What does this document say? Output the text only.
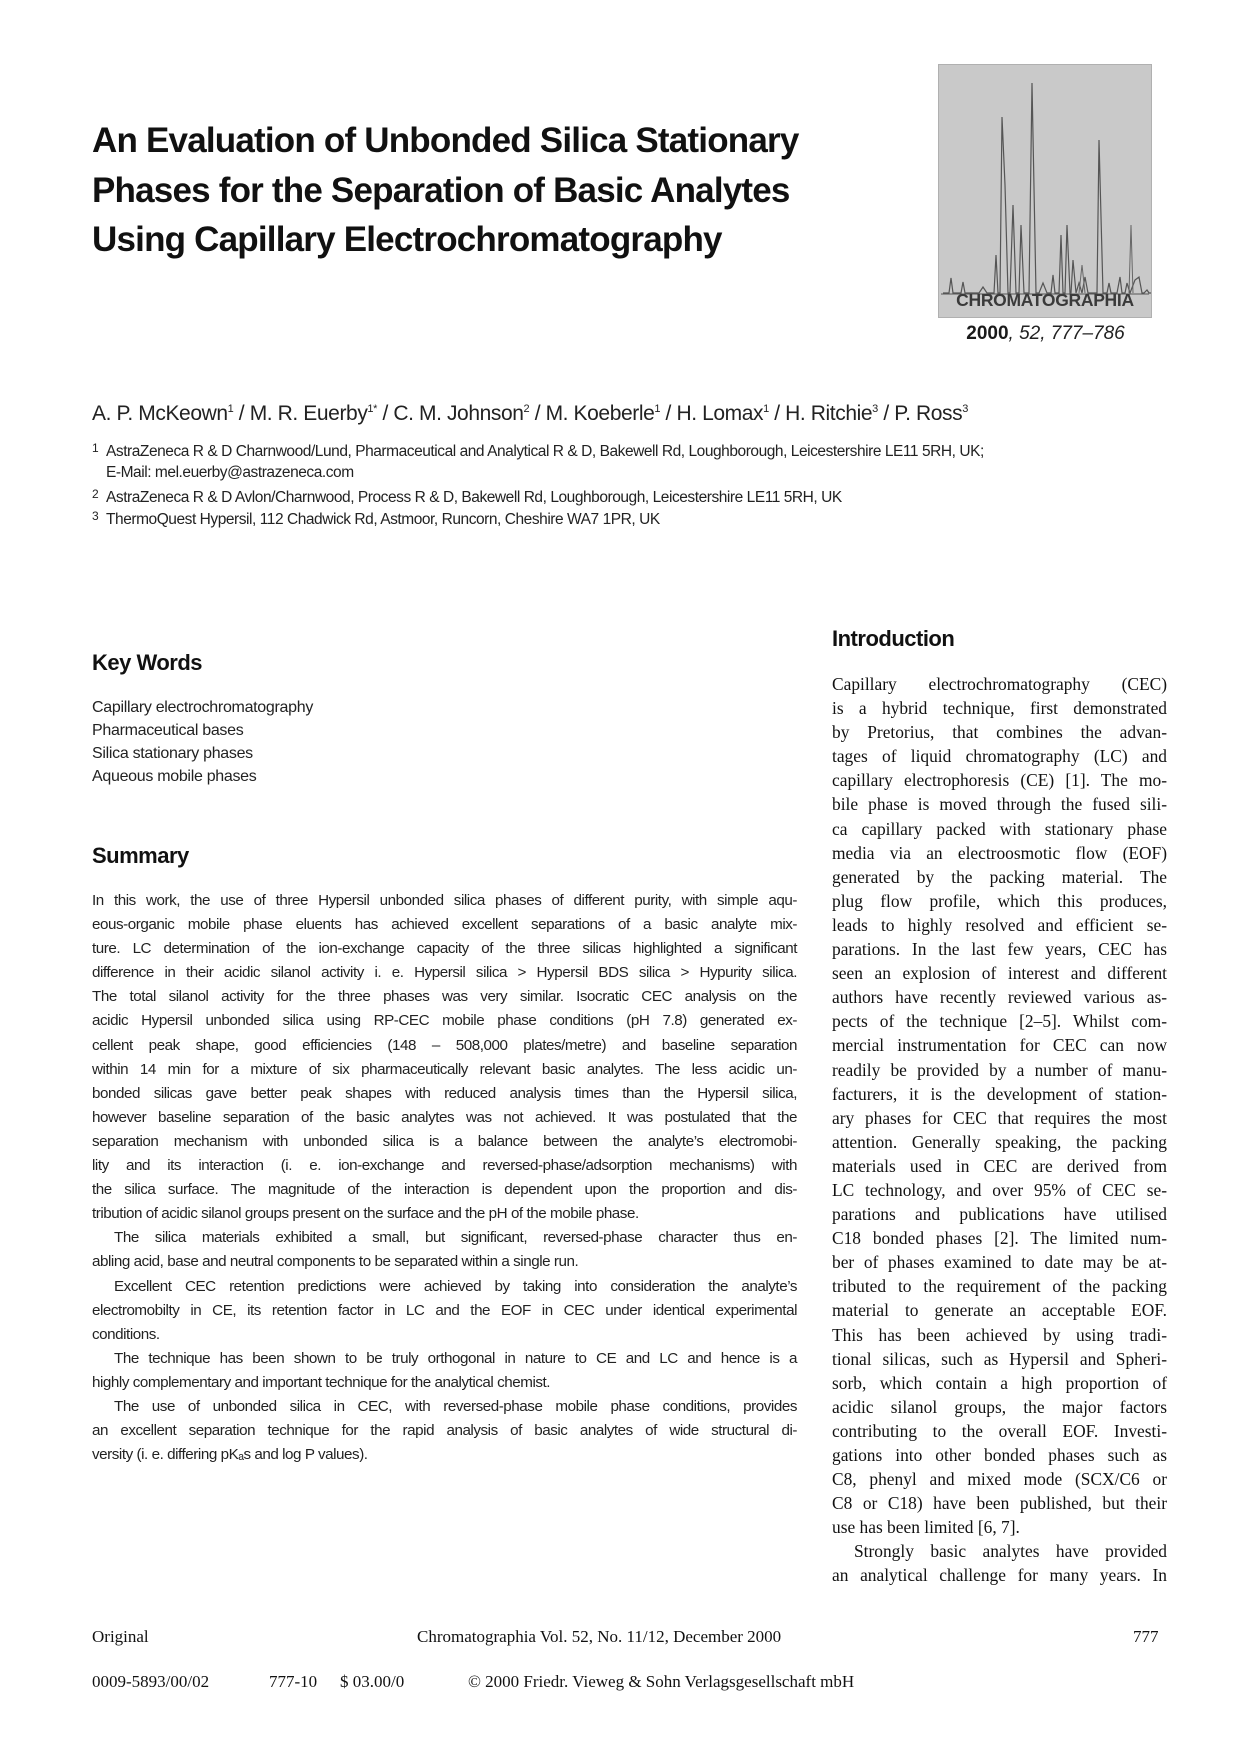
An Evaluation of Unbonded Silica Stationary
Phases for the Separation of Basic Analytes
Using Capillary Electrochromatography
CHROMATOGRAPHIA
2000, 52, 777–786
A. P. McKeown$^1$ / M. R. Euerby$^{1*}$ / C. M. Johnson$^2$ / M. Koeberle$^1$ / H. Lomax$^1$ / H. Ritchie$^3$ / P. Ross$^3$
1 AstraZeneca R & D Charnwood/Lund, Pharmaceutical and Analytical R & D, Bakewell Rd, Loughborough, Leicestershire LE11 5RH, UK;
E-Mail: mel.euerby@astrazeneca.com
2 AstraZeneca R & D Avlon/Charnwood, Process R & D, Bakewell Rd, Loughborough, Leicestershire LE11 5RH, UK
3 ThermoQuest Hypersil, 112 Chadwick Rd, Astmoor, Runcorn, Cheshire WA7 1PR, UK
Key Words
Capillary electrochromatography
Pharmaceutical bases
Silica stationary phases
Aqueous mobile phases
Summary
In this work, the use of three Hypersil unbonded silica phases of different purity, with simple aqu-
eous-organic mobile phase eluents has achieved excellent separations of a basic analyte mix-
ture. LC determination of the ion-exchange capacity of the three silicas highlighted a significant
difference in their acidic silanol activity i. e. Hypersil silica > Hypersil BDS silica > Hypurity silica.
The total silanol activity for the three phases was very similar. Isocratic CEC analysis on the
acidic Hypersil unbonded silica using RP-CEC mobile phase conditions (pH 7.8) generated ex-
cellent peak shape, good efficiencies (148 – 508,000 plates/metre) and baseline separation
within 14 min for a mixture of six pharmaceutically relevant basic analytes. The less acidic un-
bonded silicas gave better peak shapes with reduced analysis times than the Hypersil silica,
however baseline separation of the basic analytes was not achieved. It was postulated that the
separation mechanism with unbonded silica is a balance between the analyte’s electromobi-
lity and its interaction (i. e. ion-exchange and reversed-phase/adsorption mechanisms) with
the silica surface. The magnitude of the interaction is dependent upon the proportion and dis-
tribution of acidic silanol groups present on the surface and the pH of the mobile phase.
The silica materials exhibited a small, but significant, reversed-phase character thus en-
abling acid, base and neutral components to be separated within a single run.
Excellent CEC retention predictions were achieved by taking into consideration the analyte’s
electromobilty in CE, its retention factor in LC and the EOF in CEC under identical experimental
conditions.
The technique has been shown to be truly orthogonal in nature to CE and LC and hence is a
highly complementary and important technique for the analytical chemist.
The use of unbonded silica in CEC, with reversed-phase mobile phase conditions, provides
an excellent separation technique for the rapid analysis of basic analytes of wide structural di-
versity (i. e. differing pKₐs and log P values).
Introduction
Capillary electrochromatography (CEC)
is a hybrid technique, first demonstrated
by Pretorius, that combines the advan-
tages of liquid chromatography (LC) and
capillary electrophoresis (CE) [1]. The mo-
bile phase is moved through the fused sili-
ca capillary packed with stationary phase
media via an electroosmotic flow (EOF)
generated by the packing material. The
plug flow profile, which this produces,
leads to highly resolved and efficient se-
parations. In the last few years, CEC has
seen an explosion of interest and different
authors have recently reviewed various as-
pects of the technique [2–5]. Whilst com-
mercial instrumentation for CEC can now
readily be provided by a number of manu-
facturers, it is the development of station-
ary phases for CEC that requires the most
attention. Generally speaking, the packing
materials used in CEC are derived from
LC technology, and over 95% of CEC se-
parations and publications have utilised
C18 bonded phases [2]. The limited num-
ber of phases examined to date may be at-
tributed to the requirement of the packing
material to generate an acceptable EOF.
This has been achieved by using tradi-
tional silicas, such as Hypersil and Spheri-
sorb, which contain a high proportion of
acidic silanol groups, the major factors
contributing to the overall EOF. Investi-
gations into other bonded phases such as
C8, phenyl and mixed mode (SCX/C6 or
C8 or C18) have been published, but their
use has been limited [6, 7].
Strongly basic analytes have provided
an analytical challenge for many years. In
Original	Chromatographia Vol. 52, No. 11/12, December 2000	777
0009-5893/00/02	777-10 $ 03.00/0	© 2000 Friedr. Vieweg & Sohn Verlagsgesellschaft mbH
